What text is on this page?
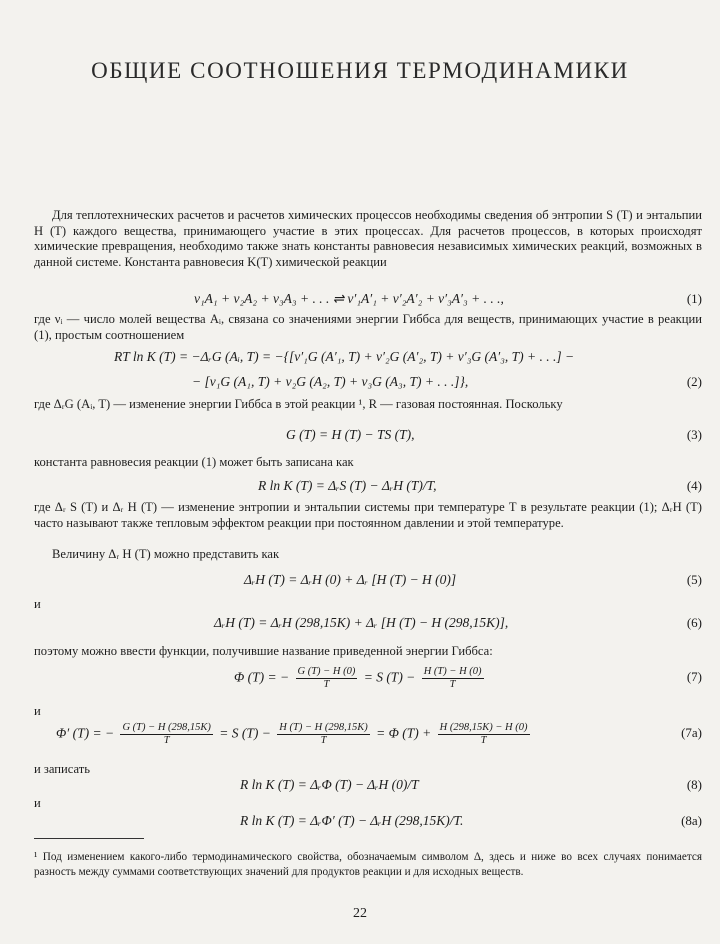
ОБЩИЕ СООТНОШЕНИЯ ТЕРМОДИНАМИКИ
Для теплотехнических расчетов и расчетов химических процессов необходимы сведения об энтропии S (T) и энтальпии H (T) каждого вещества, принимающего участие в этих процессах. Для расчетов процессов, в которых происходят химические превращения, необходимо также знать константы равновесия независимых химических реакций, возможных в данной системе. Константа равновесия K(T) химической реакции
ν₁A₁ + ν₂A₂ + ν₃A₃ + . . . ⇌ ν′₁A′₁ + ν′₂A′₂ + ν′₃A′₃ + . . .,	(1)
где νᵢ — число молей вещества Aᵢ, связана со значениями энергии Гиббса для веществ, принимающих участие в реакции (1), простым соотношением
RT ln K (T) = −ΔᵣG (Aᵢ, T) = −{[ν′₁G (A′₁, T) + ν′₂G (A′₂, T) + ν′₃G (A′₃, T) + . . .] −
− [ν₁G (A₁, T) + ν₂G (A₂, T) + ν₃G (A₃, T) + . . .]},	(2)
где ΔᵣG (Aᵢ, T) — изменение энергии Гиббса в этой реакции ¹, R — газовая постоянная. Поскольку
G (T) = H (T) − TS (T),	(3)
константа равновесия реакции (1) может быть записана как
R ln K (T) = ΔᵣS (T) − ΔᵣH (T)/T,	(4)
где Δᵣ S (T) и Δᵣ H (T) — изменение энтропии и энтальпии системы при температуре T в результате реакции (1); ΔᵣH (T) часто называют также тепловым эффектом реакции при постоянном давлении и этой температуре.
Величину Δᵣ H (T) можно представить как
ΔᵣH (T) = ΔᵣH (0) + Δᵣ [H (T) − H (0)]	(5)
и
ΔᵣH (T) = ΔᵣH (298,15K) + Δᵣ [H (T) − H (298,15K)],	(6)
поэтому можно ввести функции, получившие название приведенной энергии Гиббса:
Φ (T) = − $\frac{G (T) - H (0)}{T} = S$ $(T) - \frac{H (T) - H (0)}{T}$	(7)
и
Φ′ (T) = − $\frac{G (T) - H (298,15K)}{T} = S$ $(T) - \frac{H (T) - H (298,15K)}{T} = \Phi$ $(T) + \frac{H (298,15K) - H (0)}{T}$	(7a)
и записать
R ln K (T) = ΔᵣΦ (T) − ΔᵣH (0)/T	(8)
и
R ln K (T) = ΔᵣΦ′ (T) − ΔᵣH (298,15K)/T.	(8a)
¹ Под изменением какого-либо термодинамического свойства, обозначаемым символом Δ, здесь и ниже во всех случаях понимается разность между суммами соответствующих значений для продуктов реакции и для исходных веществ.
22
